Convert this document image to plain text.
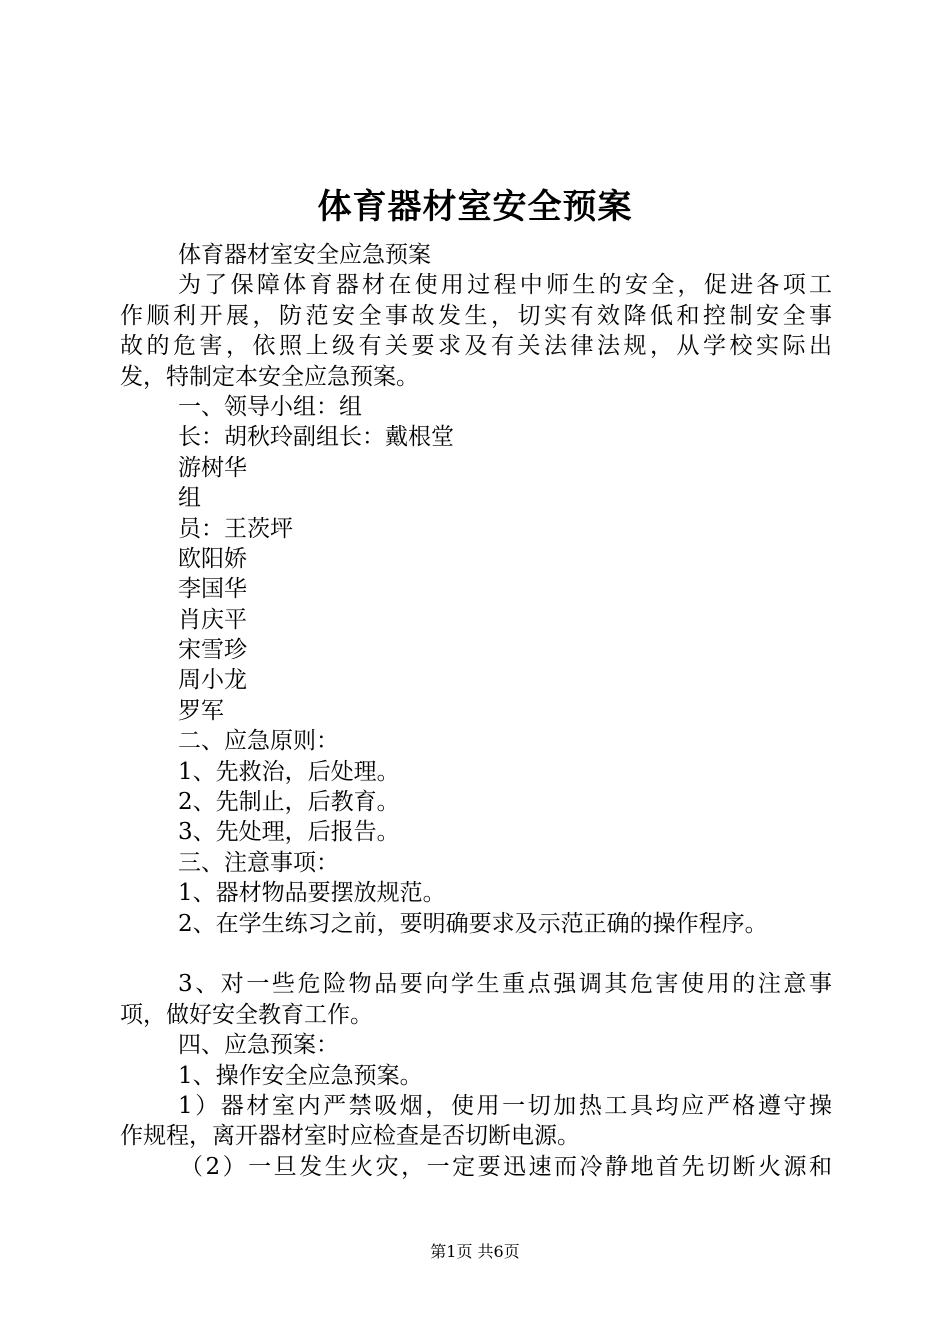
体育器材室安全预案
体育器材室安全应急预案
为了保障体育器材在使用过程中师生的安全，促进各项工
作顺利开展，防范安全事故发生，切实有效降低和控制安全事
故的危害，依照上级有关要求及有关法律法规，从学校实际出
发，特制定本安全应急预案。
一、领导小组：组
长：胡秋玲副组长：戴根堂
游树华
组
员：王茨坪
欧阳娇
李国华
肖庆平
宋雪珍
周小龙
罗军
二、应急原则：
1、先救治，后处理。
2、先制止，后教育。
3、先处理，后报告。
三、注意事项：
1、器材物品要摆放规范。
2、在学生练习之前，要明确要求及示范正确的操作程序。
3、对一些危险物品要向学生重点强调其危害使用的注意事
项，做好安全教育工作。
四、应急预案：
1、操作安全应急预案。
1）器材室内严禁吸烟，使用一切加热工具均应严格遵守操
作规程，离开器材室时应检查是否切断电源。
（2）一旦发生火灾，一定要迅速而冷静地首先切断火源和
第1页 共6页
